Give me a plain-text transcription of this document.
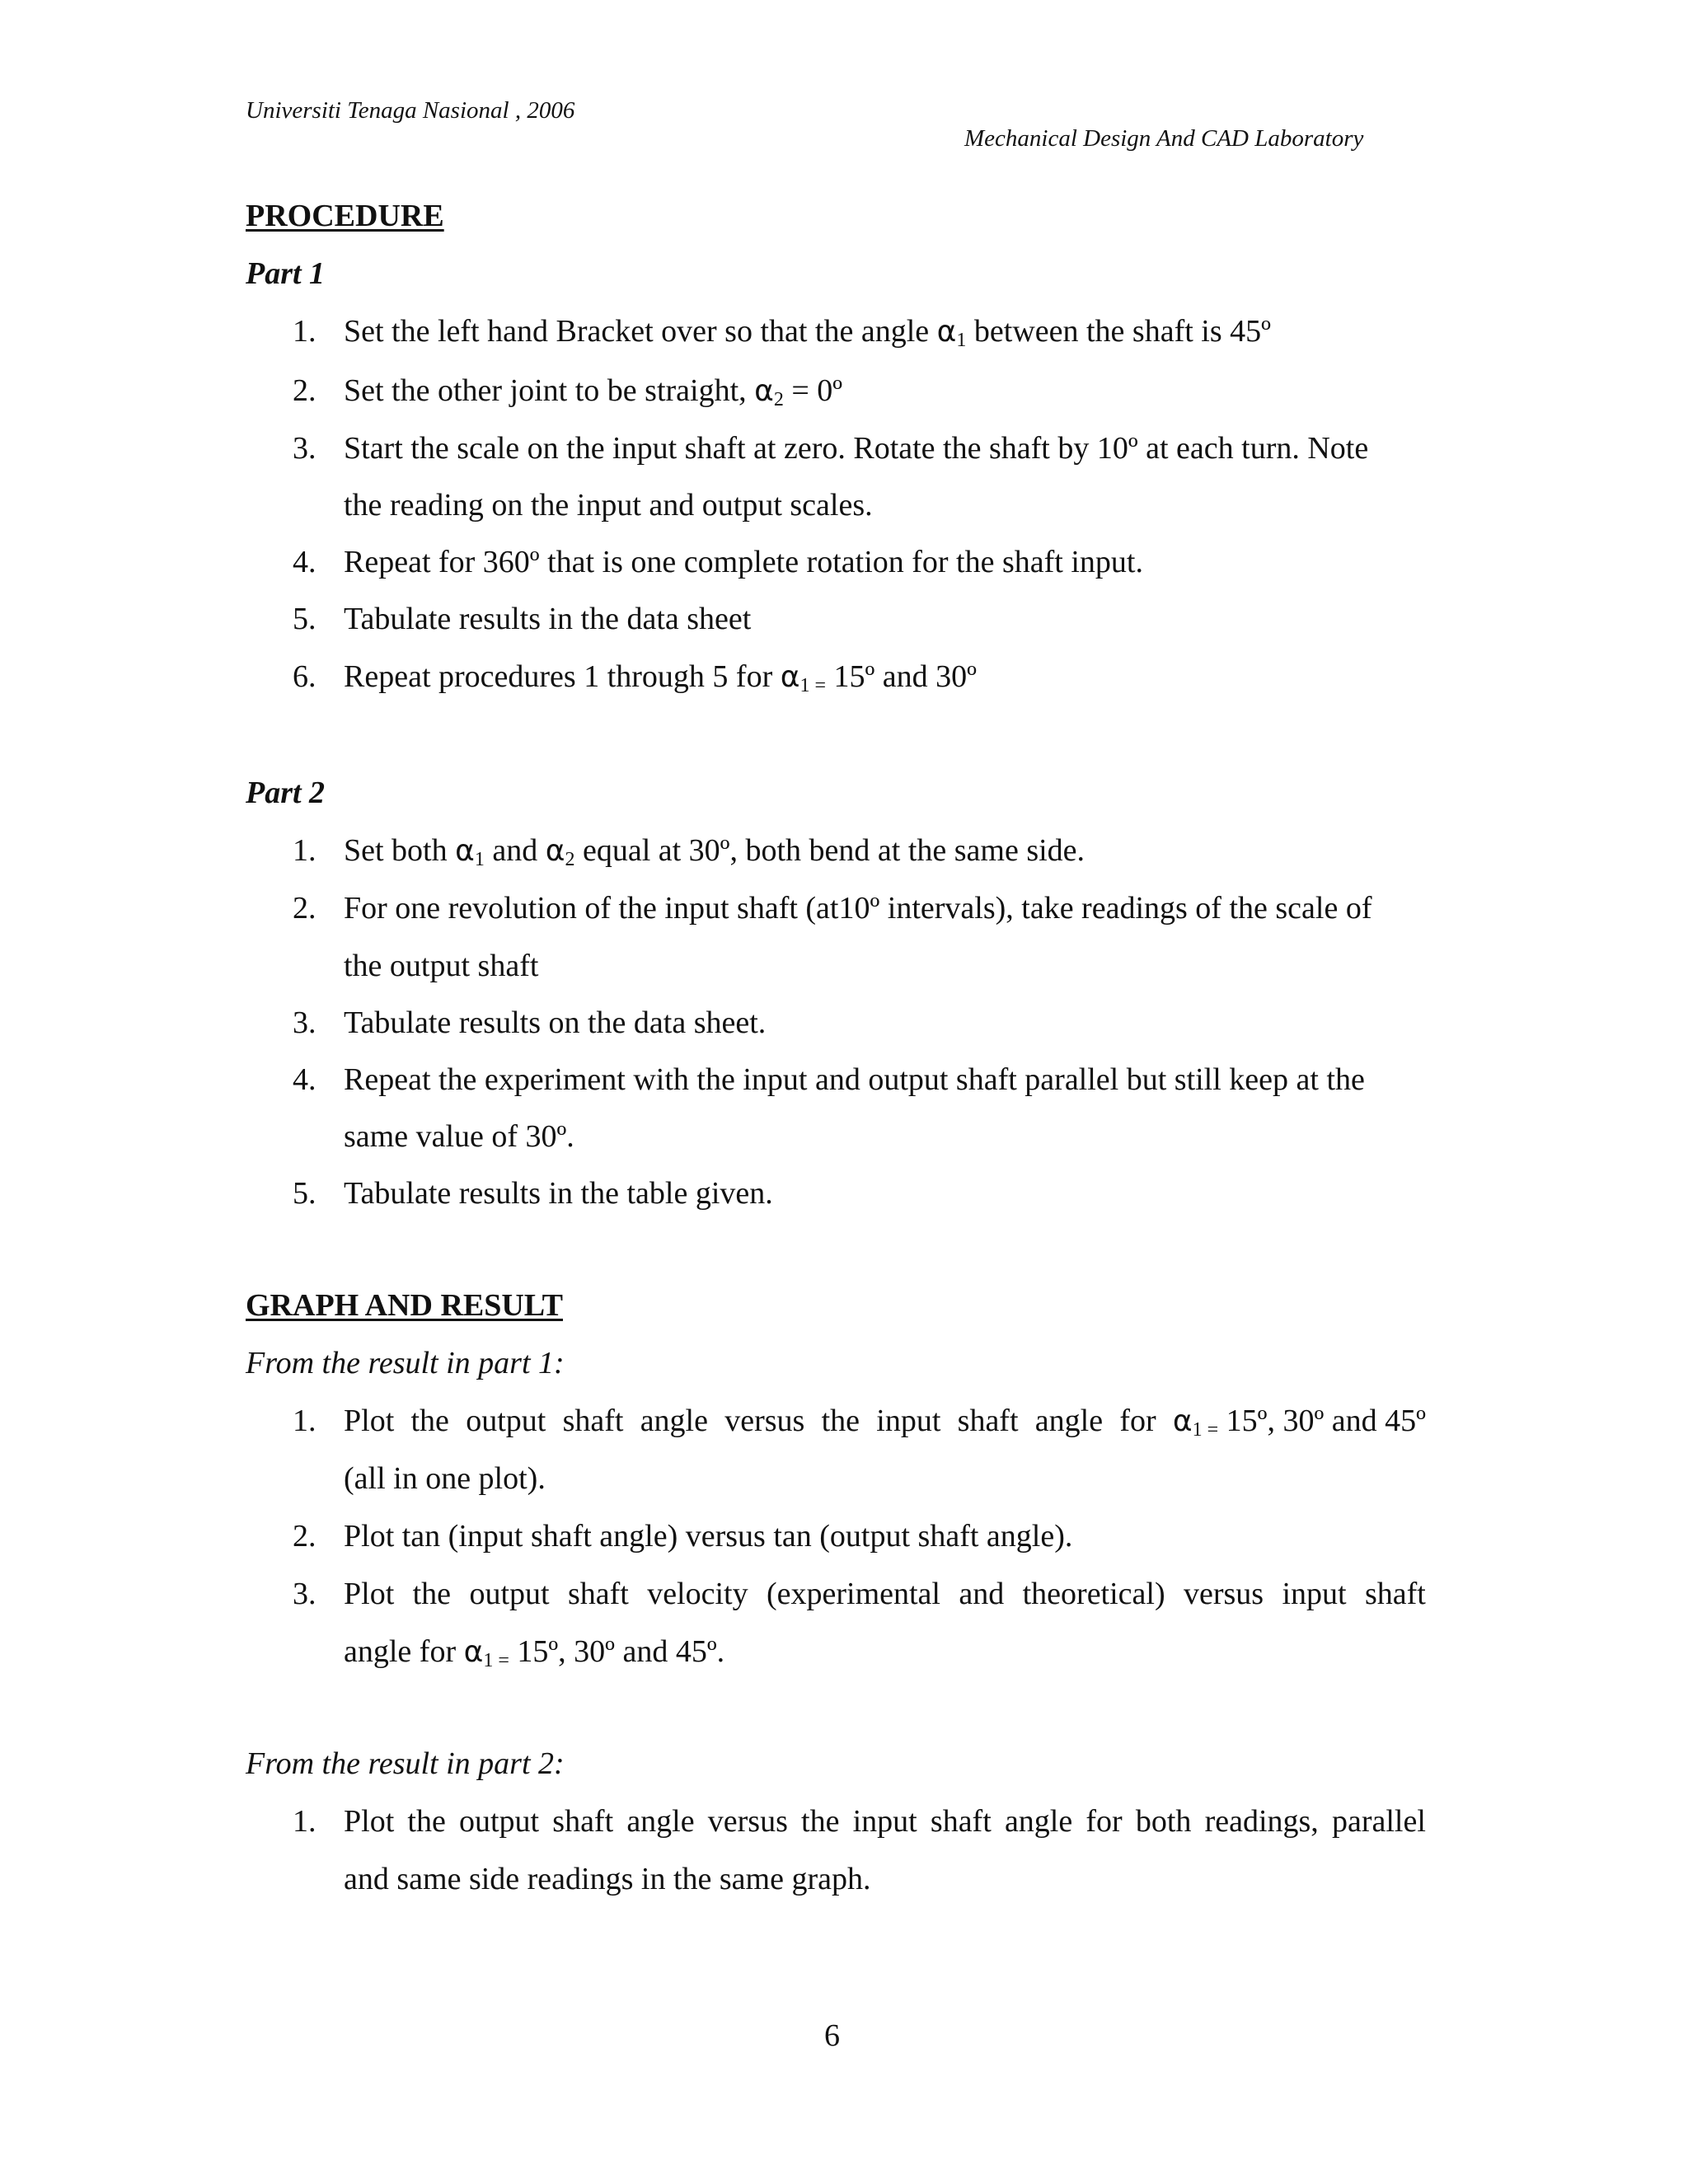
Universiti Tenaga Nasional , 2006
Mechanical Design And CAD Laboratory
PROCEDURE
Part 1
1. Set the left hand Bracket over so that the angle $\alpha_1$ between the shaft is 45º
2. Set the other joint to be straight, $\alpha_2$ = 0º
3. Start the scale on the input shaft at zero. Rotate the shaft by 10º at each turn. Note
the reading on the input and output scales.
4. Repeat for 360º that is one complete rotation for the shaft input.
5. Tabulate results in the data sheet
6. Repeat procedures 1 through 5 for α1 = 15º and 30º
Part 2
1. Set both $\alpha_1$ and $\alpha_2$ equal at 30º, both bend at the same side.
2. For one revolution of the input shaft (at10º intervals), take readings of the scale of
the output shaft
3. Tabulate results on the data sheet.
4. Repeat the experiment with the input and output shaft parallel but still keep at the
same value of 30º.
5. Tabulate results in the table given.
GRAPH AND RESULT
From the result in part 1:
1. Plot the output shaft angle versus the input shaft angle for α1 = 15º, 30º and 45º
(all in one plot).
2. Plot tan (input shaft angle) versus tan (output shaft angle).
3. Plot the output shaft velocity (experimental and theoretical) versus input shaft
angle for α1 = 15º, 30º and 45º.
From the result in part 2:
1. Plot the output shaft angle versus the input shaft angle for both readings, parallel
and same side readings in the same graph.
6
